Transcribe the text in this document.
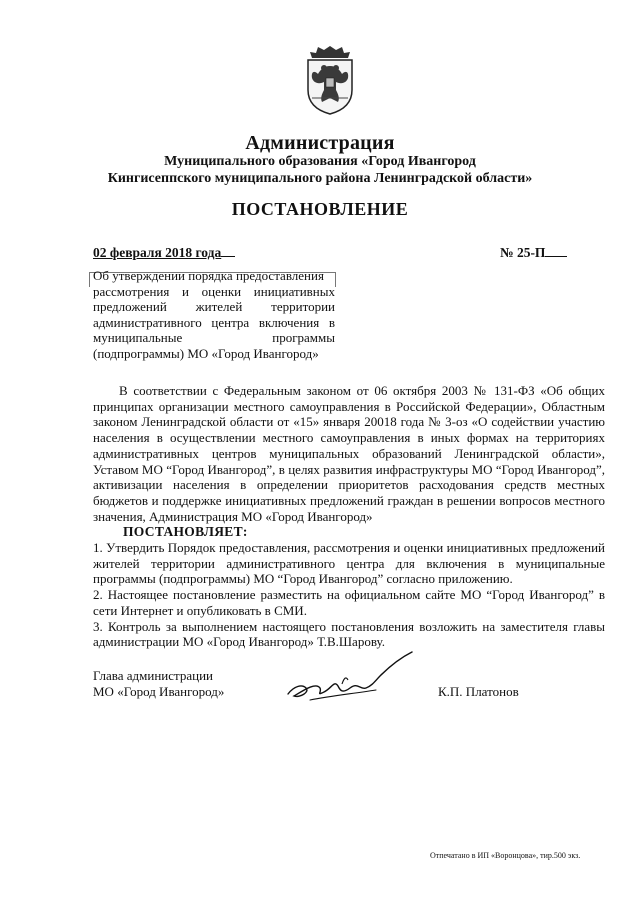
Администрация
Муниципального образования «Город Ивангород
Кингисеппского муниципального района Ленинградской области»
ПОСТАНОВЛЕНИЕ
02 февраля 2018 года	№ 25-П
Об утверждении порядка предоставления
рассмотрения и оценки инициативных
предложений жителей территории
административного центра включения в
муниципальные программы
(подпрограммы) МО «Город Ивангород»

В соответствии с Федеральным законом от 06 октября 2003 № 131-ФЗ «Об общих принципах организации местного самоуправления в Российской Федерации», Областным законом Ленинградской области от «15» января 20018 года № 3-оз «О содействии участию населения в осуществлении местного самоуправления в иных формах на территориях административных центров муниципальных образований Ленинградской области», Уставом МО “Город Ивангород”, в целях развития инфраструктуры МО “Город Ивангород”, активизации населения в определении приоритетов расходования средств местных бюджетов и поддержке инициативных предложений граждан в решении вопросов местного значения, Администрация МО «Город Ивангород»

ПОСТАНОВЛЯЕТ:

1. Утвердить Порядок предоставления, рассмотрения и оценки инициативных предложений жителей территории административного центра для включения в муниципальные программы (подпрограммы) МО “Город Ивангород” согласно приложению.

2. Настоящее постановление разместить на официальном сайте МО “Город Ивангород” в сети Интернет и опубликовать в СМИ.

3. Контроль за выполнением настоящего постановления возложить на заместителя главы администрации МО «Город Ивангород» Т.В.Шарову.

Глава администрации
МО «Город Ивангород»	К.П. Платонов
Отпечатано в ИП «Воронцова», тир.500 экз.
